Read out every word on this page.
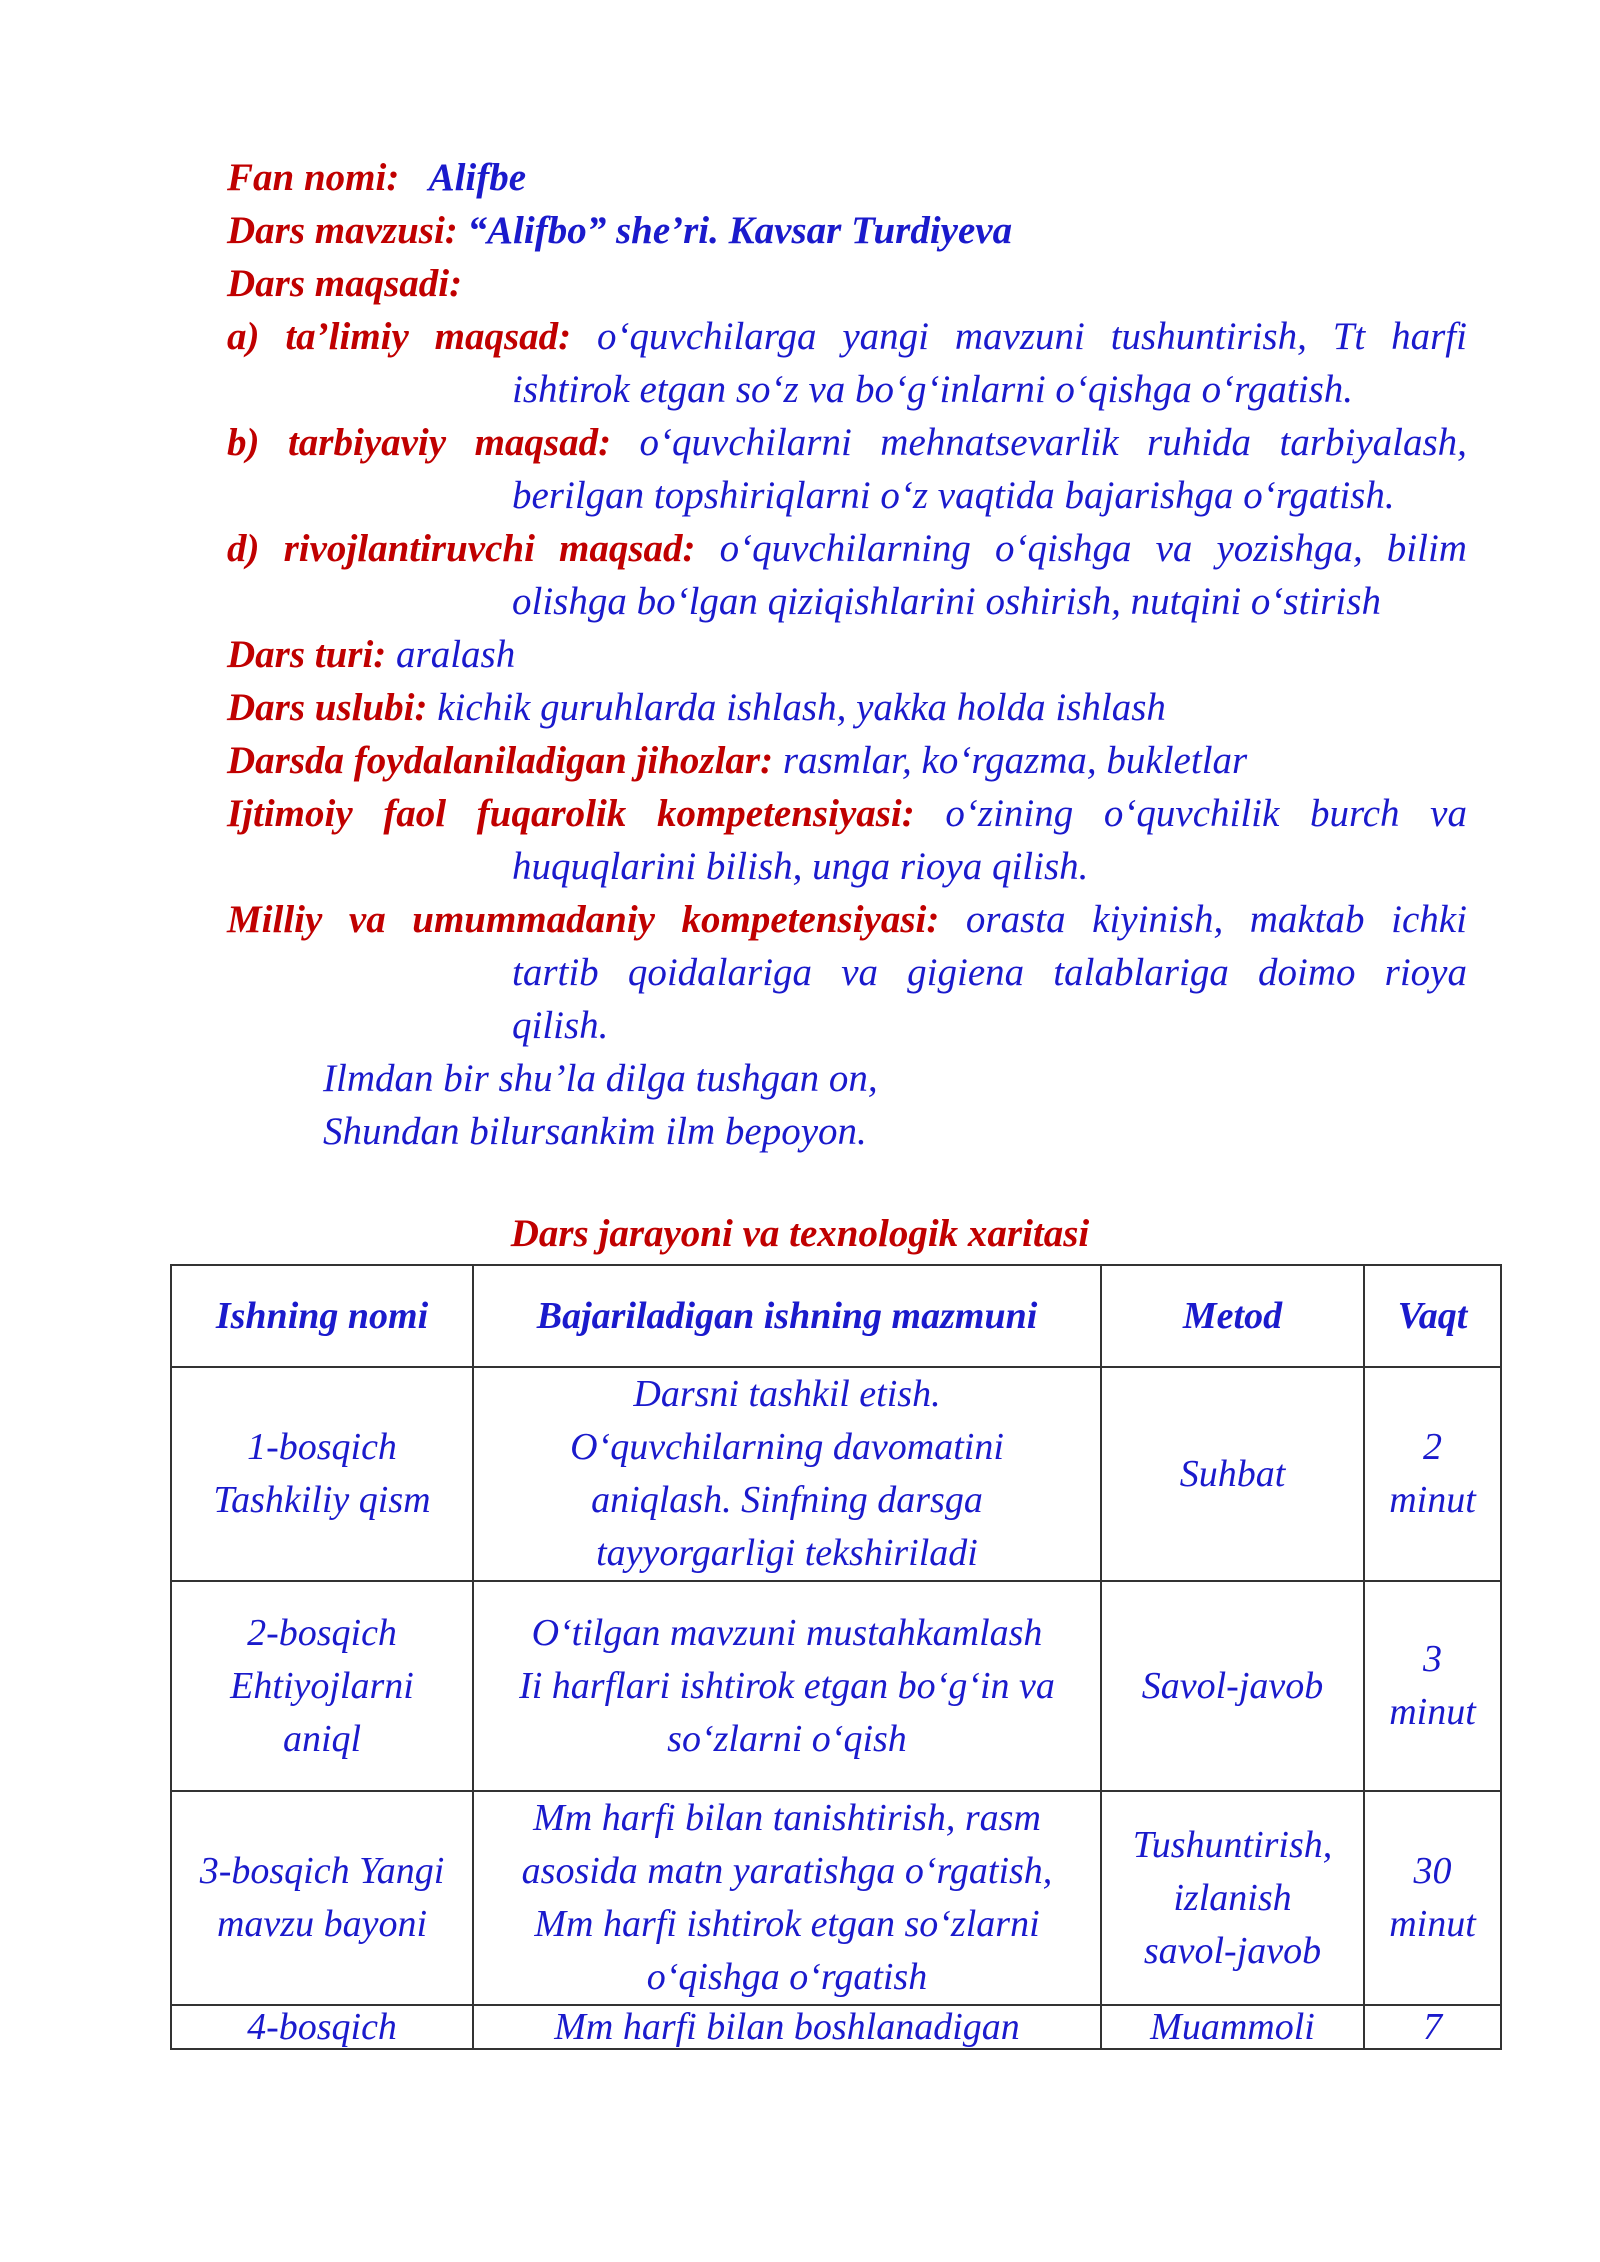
Fan nomi: Alifbe
Dars mavzusi: “Alifbo” she’ri. Kavsar Turdiyeva
Dars maqsadi:
a) ta’limiy maqsad: o‘quvchilarga yangi mavzuni tushuntirish, Tt harfi
ishtirok etgan so‘z va bo‘g‘inlarni o‘qishga o‘rgatish.
b) tarbiyaviy maqsad: o‘quvchilarni mehnatsevarlik ruhida tarbiyalash,
berilgan topshiriqlarni o‘z vaqtida bajarishga o‘rgatish.
d) rivojlantiruvchi maqsad: o‘quvchilarning o‘qishga va yozishga, bilim
olishga bo‘lgan qiziqishlarini oshirish, nutqini o‘stirish
Dars turi: aralash
Dars uslubi: kichik guruhlarda ishlash, yakka holda ishlash
Darsda foydalaniladigan jihozlar: rasmlar, ko‘rgazma, bukletlar
Ijtimoiy faol fuqarolik kompetensiyasi: o‘zining o‘quvchilik burch va
huquqlarini bilish, unga rioya qilish.
Milliy va umummadaniy kompetensiyasi: orasta kiyinish, maktab ichki
tartib qoidalariga va gigiena talablariga doimo rioya
qilish.
Ilmdan bir shu’la dilga tushgan on,
Shundan bilursankim ilm bepoyon.
Dars jarayoni va texnologik xaritasi
Ishning nomi	Bajariladigan ishning mazmuni	Metod	Vaqt

1-bosqich
Tashkiliy qism	Darsni tashkil etish.
O‘quvchilarning davomatini
aniqlash. Sinfning darsga
tayyorgarligi tekshiriladi	Suhbat	2
minut

2-bosqich
Ehtiyojlarni
aniql	O‘tilgan mavzuni mustahkamlash
Ii harflari ishtirok etgan bo‘g‘in va
so‘zlarni o‘qish	Savol-javob	3
minut

3-bosqich Yangi
mavzu bayoni	Mm harfi bilan tanishtirish, rasm
asosida matn yaratishga o‘rgatish,
Mm harfi ishtirok etgan so‘zlarni
o‘qishga o‘rgatish	Tushuntirish,
izlanish
savol-javob	30
minut

4-bosqich	Mm harfi bilan boshlanadigan	Muammoli	7
